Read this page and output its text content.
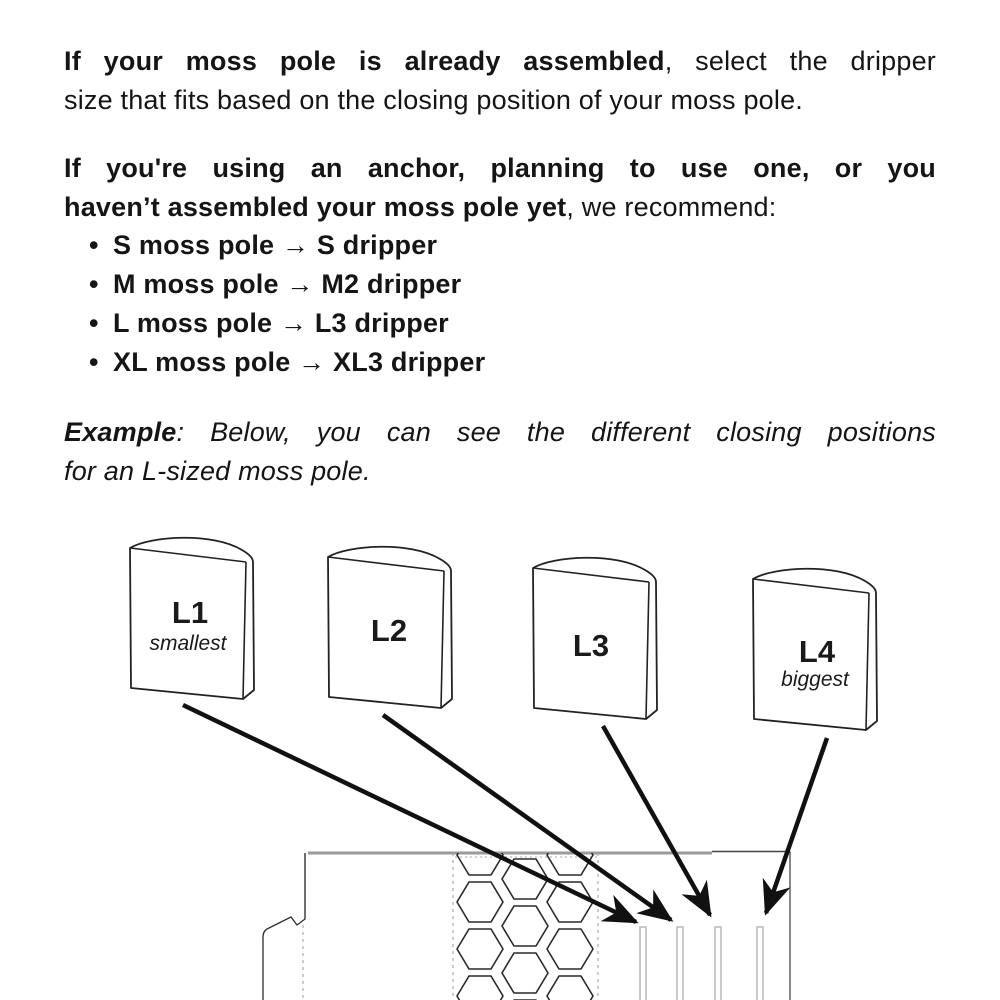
If your moss pole is already assembled, select the dripper
size that fits based on the closing position of your moss pole.
If you're using an anchor, planning to use one, or you
haven’t assembled your moss pole yet, we recommend:
• S moss pole → S dripper
• M moss pole → M2 dripper
• L moss pole → L3 dripper
• XL moss pole → XL3 dripper
Example: Below, you can see the different closing positions
for an L-sized moss pole.
L1
smallest	L2	L3	L4
biggest
